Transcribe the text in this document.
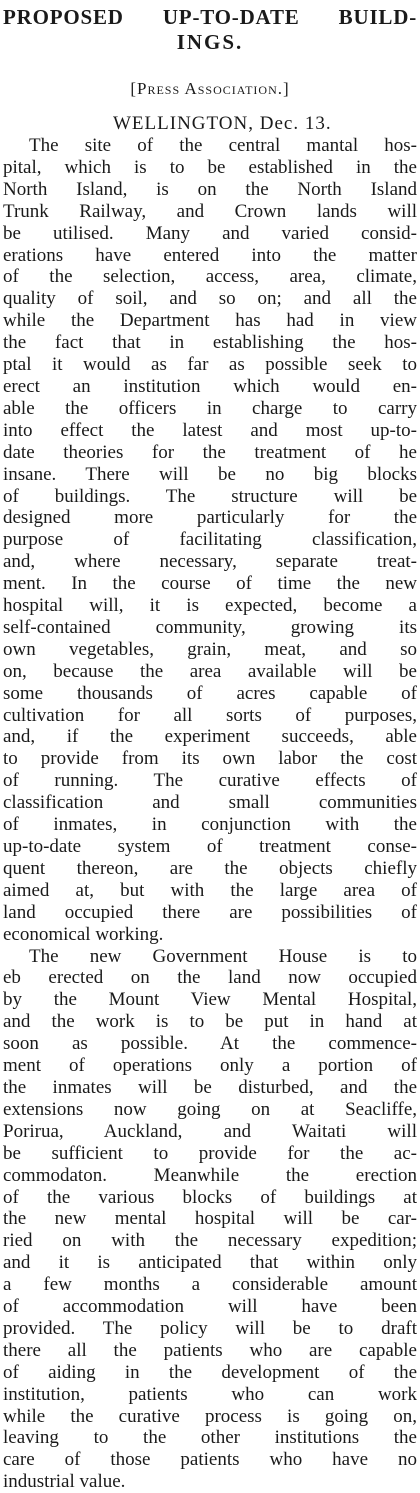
PROPOSED UP-TO-DATE BUILD-
INGS.
[Press Association.]
WELLINGTON, Dec. 13.
The site of the central mantal hos-
pital, which is to be established in the
North Island, is on the North Island
Trunk Railway, and Crown lands will
be utilised. Many and varied consid-
erations have entered into the matter
of the selection, access, area, climate,
quality of soil, and so on; and all the
while the Department has had in view
the fact that in establishing the hos-
ptal it would as far as possible seek to
erect an institution which would en-
able the officers in charge to carry
into effect the latest and most up-to-
date theories for the treatment of he
insane. There will be no big blocks
of buildings. The structure will be
designed more particularly for the
purpose of facilitating classification,
and, where necessary, separate treat-
ment. In the course of time the new
hospital will, it is expected, become a
self-contained community, growing its
own vegetables, grain, meat, and so
on, because the area available will be
some thousands of acres capable of
cultivation for all sorts of purposes,
and, if the experiment succeeds, able
to provide from its own labor the cost
of running. The curative effects of
classification and small communities
of inmates, in conjunction with the
up-to-date system of treatment conse-
quent thereon, are the objects chiefly
aimed at, but with the large area of
land occupied there are possibilities of
economical working.
The new Government House is to
eb erected on the land now occupied
by the Mount View Mental Hospital,
and the work is to be put in hand at
soon as possible. At the commence-
ment of operations only a portion of
the inmates will be disturbed, and the
extensions now going on at Seacliffe,
Porirua, Auckland, and Waitati will
be sufficient to provide for the ac-
commodaton. Meanwhile the erection
of the various blocks of buildings at
the new mental hospital will be car-
ried on with the necessary expedition;
and it is anticipated that within only
a few months a considerable amount
of accommodation will have been
provided. The policy will be to draft
there all the patients who are capable
of aiding in the development of the
institution, patients who can work
while the curative process is going on,
leaving to the other institutions the
care of those patients who have no
industrial value.
